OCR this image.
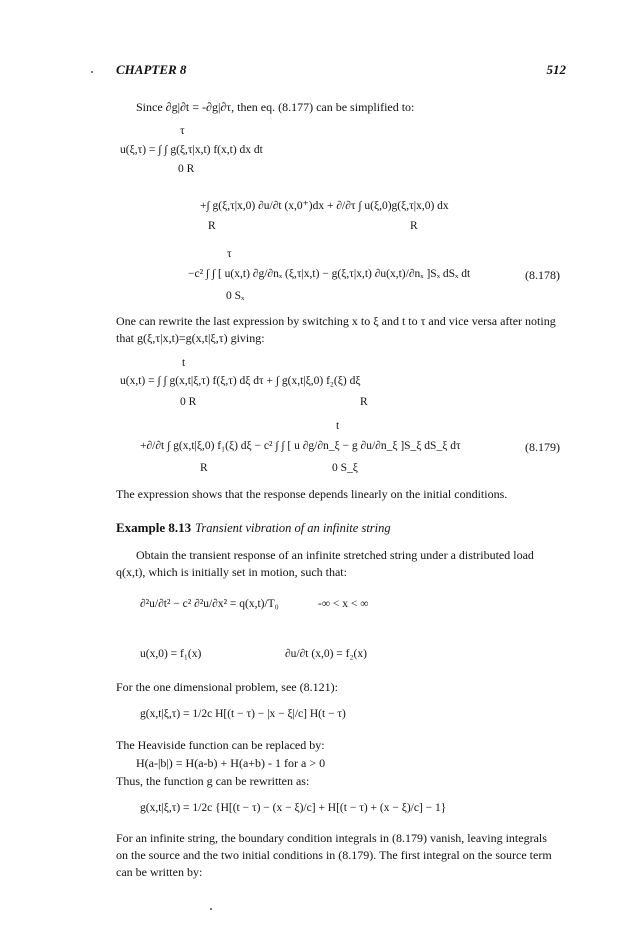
CHAPTER 8	512
Since ∂g|∂t = -∂g|∂τ, then eq. (8.177) can be simplified to:
τ
u(ξ,τ) = ∫ ∫ g(ξ,τ|x,t) f(x,t) dx dt
0 R
+∫ g(ξ,τ|x,0) ∂u/∂t (x,0⁺)dx + ∂/∂τ ∫ u(ξ,0)g(ξ,τ|x,0) dx
R	R
τ
−c² ∫ ∫ [ u(x,t) ∂g/∂nₓ (ξ,τ|x,t) − g(ξ,τ|x,t) ∂u(x,t)/∂nₓ ]Sₓ dSₓ dt
0 Sₓ
(8.178)
One can rewrite the last expression by switching x to ξ and t to τ and vice versa after noting that g(ξ,τ|x,t)=g(x,t|ξ,τ) giving:
t
u(x,t) = ∫ ∫ g(x,t|ξ,τ) f(ξ,τ) dξ dτ + ∫ g(x,t|ξ,0) f₂(ξ) dξ
0 R	R
t
+∂/∂t ∫ g(x,t|ξ,0) f₁(ξ) dξ − c² ∫ ∫ [ u ∂g/∂n_ξ − g ∂u/∂n_ξ ]S_ξ dS_ξ dτ
R	0 S_ξ
(8.179)
The expression shows that the response depends linearly on the initial conditions.
Example 8.13 Transient vibration of an infinite string
Obtain the transient response of an infinite stretched string under a distributed load q(x,t), which is initially set in motion, such that:
∂²u/∂t² − c² ∂²u/∂x² = q(x,t)/T₀	-∞ < x < ∞
u(x,0) = f₁(x)	∂u/∂t (x,0) = f₂(x)
For the one dimensional problem, see (8.121):
g(x,t|ξ,τ) = 1/2c H[(t − τ) − |x − ξ|/c] H(t − τ)
The Heaviside function can be replaced by:
H(a-|b|) = H(a-b) + H(a+b) - 1 for a > 0
Thus, the function g can be rewritten as:
g(x,t|ξ,τ) = 1/2c {H[(t − τ) − (x − ξ)/c] + H[(t − τ) + (x − ξ)/c] − 1}
For an infinite string, the boundary condition integrals in (8.179) vanish, leaving integrals on the source and the two initial conditions in (8.179). The first integral on the source term can be written by:
